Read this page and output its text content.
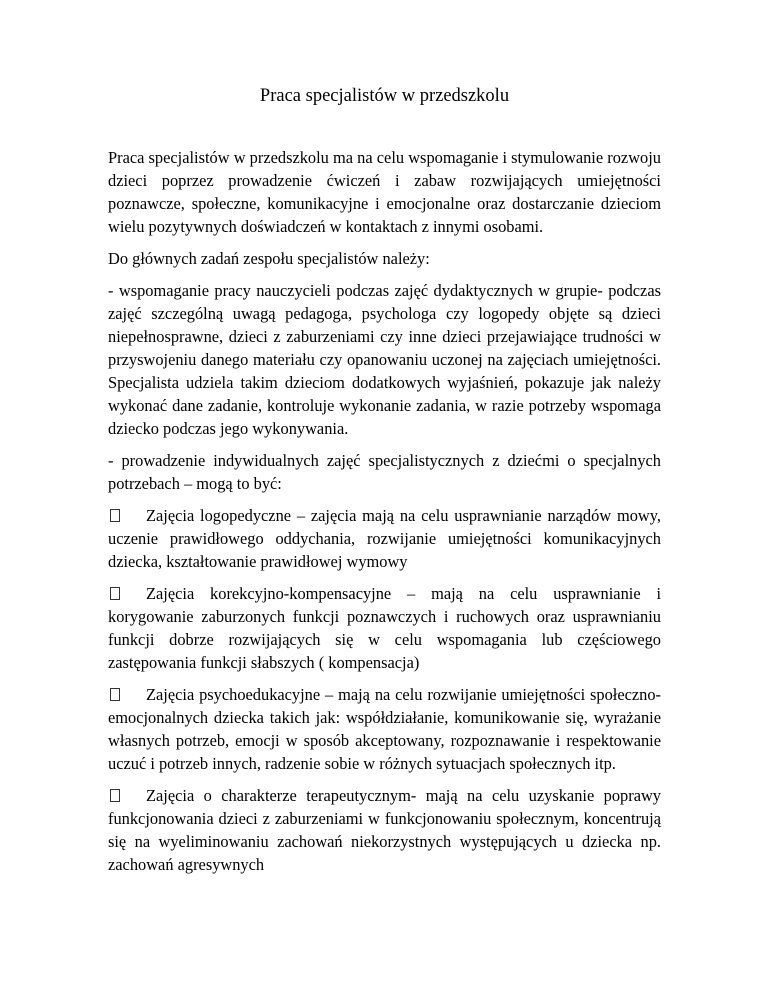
Praca specjalistów w przedszkolu

Praca specjalistów w przedszkolu ma na celu wspomaganie i stymulowanie rozwoju dzieci poprzez prowadzenie ćwiczeń i zabaw rozwijających umiejętności poznawcze, społeczne, komunikacyjne i emocjonalne oraz dostarczanie dzieciom wielu pozytywnych doświadczeń w kontaktach z innymi osobami.

Do głównych zadań zespołu specjalistów należy:

- wspomaganie pracy nauczycieli podczas zajęć dydaktycznych w grupie- podczas zajęć szczególną uwagą pedagoga, psychologa czy logopedy objęte są dzieci niepełnosprawne, dzieci z zaburzeniami czy inne dzieci przejawiające trudności w przyswojeniu danego materiału czy opanowaniu uczonej na zajęciach umiejętności. Specjalista udziela takim dzieciom dodatkowych wyjaśnień, pokazuje jak należy wykonać dane zadanie, kontroluje wykonanie zadania, w razie potrzeby wspomaga dziecko podczas jego wykonywania.

- prowadzenie indywidualnych zajęć specjalistycznych z dziećmi o specjalnych potrzebach – mogą to być:

Zajęcia logopedyczne – zajęcia mają na celu usprawnianie narządów mowy, uczenie prawidłowego oddychania, rozwijanie umiejętności komunikacyjnych dziecka, kształtowanie prawidłowej wymowy
Zajęcia korekcyjno-kompensacyjne – mają na celu usprawnianie i korygowanie zaburzonych funkcji poznawczych i ruchowych oraz usprawnianiu funkcji dobrze rozwijających się w celu wspomagania lub częściowego zastępowania funkcji słabszych ( kompensacja)
Zajęcia psychoedukacyjne – mają na celu rozwijanie umiejętności społeczno-emocjonalnych dziecka takich jak: współdziałanie, komunikowanie się, wyrażanie własnych potrzeb, emocji w sposób akceptowany, rozpoznawanie i respektowanie uczuć i potrzeb innych, radzenie sobie w różnych sytuacjach społecznych itp.
Zajęcia o charakterze terapeutycznym- mają na celu uzyskanie poprawy funkcjonowania dzieci z zaburzeniami w funkcjonowaniu społecznym, koncentrują się na wyeliminowaniu zachowań niekorzystnych występujących u dziecka np. zachowań agresywnych
